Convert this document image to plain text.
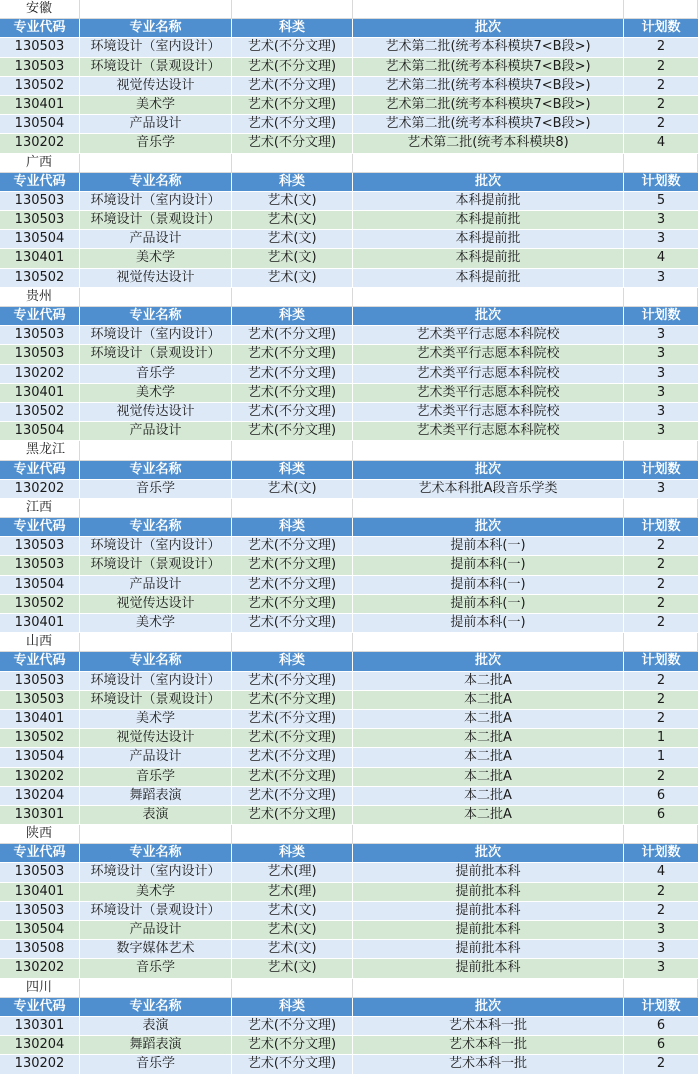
安徽
专业代码	专业名称	科类	批次	计划数
130503	环境设计（室内设计）	艺术(不分文理)	艺术第二批(统考本科模块7<B段>)	2
130503	环境设计（景观设计）	艺术(不分文理)	艺术第二批(统考本科模块7<B段>)	2
130502	视觉传达设计	艺术(不分文理)	艺术第二批(统考本科模块7<B段>)	2
130401	美术学	艺术(不分文理)	艺术第二批(统考本科模块7<B段>)	2
130504	产品设计	艺术(不分文理)	艺术第二批(统考本科模块7<B段>)	2
130202	音乐学	艺术(不分文理)	艺术第二批(统考本科模块8)	4
广西
专业代码	专业名称	科类	批次	计划数
130503	环境设计（室内设计）	艺术(文)	本科提前批	5
130503	环境设计（景观设计）	艺术(文)	本科提前批	3
130504	产品设计	艺术(文)	本科提前批	3
130401	美术学	艺术(文)	本科提前批	4
130502	视觉传达设计	艺术(文)	本科提前批	3
贵州
专业代码	专业名称	科类	批次	计划数
130503	环境设计（室内设计）	艺术(不分文理)	艺术类平行志愿本科院校	3
130503	环境设计（景观设计）	艺术(不分文理)	艺术类平行志愿本科院校	3
130202	音乐学	艺术(不分文理)	艺术类平行志愿本科院校	3
130401	美术学	艺术(不分文理)	艺术类平行志愿本科院校	3
130502	视觉传达设计	艺术(不分文理)	艺术类平行志愿本科院校	3
130504	产品设计	艺术(不分文理)	艺术类平行志愿本科院校	3
黑龙江
专业代码	专业名称	科类	批次	计划数
130202	音乐学	艺术(文)	艺术本科批A段音乐学类	3
江西
专业代码	专业名称	科类	批次	计划数
130503	环境设计（室内设计）	艺术(不分文理)	提前本科(一)	2
130503	环境设计（景观设计）	艺术(不分文理)	提前本科(一)	2
130504	产品设计	艺术(不分文理)	提前本科(一)	2
130502	视觉传达设计	艺术(不分文理)	提前本科(一)	2
130401	美术学	艺术(不分文理)	提前本科(一)	2
山西
专业代码	专业名称	科类	批次	计划数
130503	环境设计（室内设计）	艺术(不分文理)	本二批A	2
130503	环境设计（景观设计）	艺术(不分文理)	本二批A	2
130401	美术学	艺术(不分文理)	本二批A	2
130502	视觉传达设计	艺术(不分文理)	本二批A	1
130504	产品设计	艺术(不分文理)	本二批A	1
130202	音乐学	艺术(不分文理)	本二批A	2
130204	舞蹈表演	艺术(不分文理)	本二批A	6
130301	表演	艺术(不分文理)	本二批A	6
陕西
专业代码	专业名称	科类	批次	计划数
130503	环境设计（室内设计）	艺术(理)	提前批本科	4
130401	美术学	艺术(理)	提前批本科	2
130503	环境设计（景观设计）	艺术(文)	提前批本科	2
130504	产品设计	艺术(文)	提前批本科	3
130508	数字媒体艺术	艺术(文)	提前批本科	3
130202	音乐学	艺术(文)	提前批本科	3
四川
专业代码	专业名称	科类	批次	计划数
130301	表演	艺术(不分文理)	艺术本科一批	6
130204	舞蹈表演	艺术(不分文理)	艺术本科一批	6
130202	音乐学	艺术(不分文理)	艺术本科一批	2
